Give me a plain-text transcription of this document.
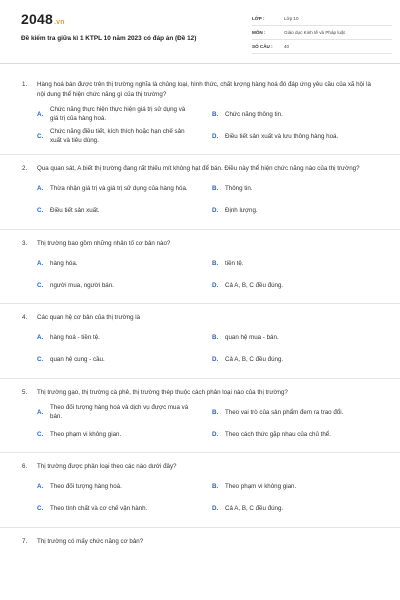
2048.vn
Đề kiểm tra giữa kì 1 KTPL 10 năm 2023 có đáp án (Đề 12)
LỚP :	Lớp 10
MÔN :	Giáo dục Kinh tế và Pháp luật
SỐ CÂU :	40
1.	Hàng hoá bán được trên thị trường nghĩa là chủng loại, hình thức, chất lượng hàng hoá đó đáp ứng yêu cầu của xã hội là nội dung thể hiện chức năng gì của thị trường?
A.
Chức năng thực hiện thực hiện giá trị sử dụng và giá trị của hàng hoá.
B.	Chức năng thông tin.
C.
Chức năng điều tiết, kích thích hoặc hạn chế sản xuất và tiêu dùng.
D.	Điều tiết sản xuất và lưu thông hàng hoá.
2.	Qua quan sát, A biết thị trường đang rất thiếu mít không hạt để bán. Điều này thể hiện chức năng nào của thị trường?
A.	Thừa nhận giá trị và giá trị sử dụng của hàng hóa.	B.	Thông tin.
C.	Điều tiết sản xuất.	D.	Định lượng.
3.	Thị trường bao gồm những nhân tố cơ bản nào?
A.	hàng hóa.	B.	tiền tệ.
C.	người mua, người bán.	D.	Cả A, B, C đều đúng.
4.	Các quan hệ cơ bản của thị trường là
A.	hàng hoá - tiền tệ.	B.	quan hệ mua - bán.
C.	quan hệ cung - cầu.	D.	Cả A, B, C đều đúng.
5.	Thị trường gạo, thị trường cà phê, thị trường thép thuộc cách phân loại nào của thị trường?
A.
Theo đối tượng hàng hoá và dịch vụ được mua và bán.
B.	Theo vai trò của sản phẩm đem ra trao đổi.
C.	Theo phạm vi không gian.	D.	Theo cách thức gặp nhau của chủ thể.
6.	Thị trường được phân loại theo các nào dưới đây?
A.	Theo đối tượng hàng hoá.	B.	Theo phạm vi không gian.
C.	Theo tính chất và cơ chế vận hành.	D.	Cả A, B, C đều đúng.
7.	Thị trường có mấy chức năng cơ bản?
